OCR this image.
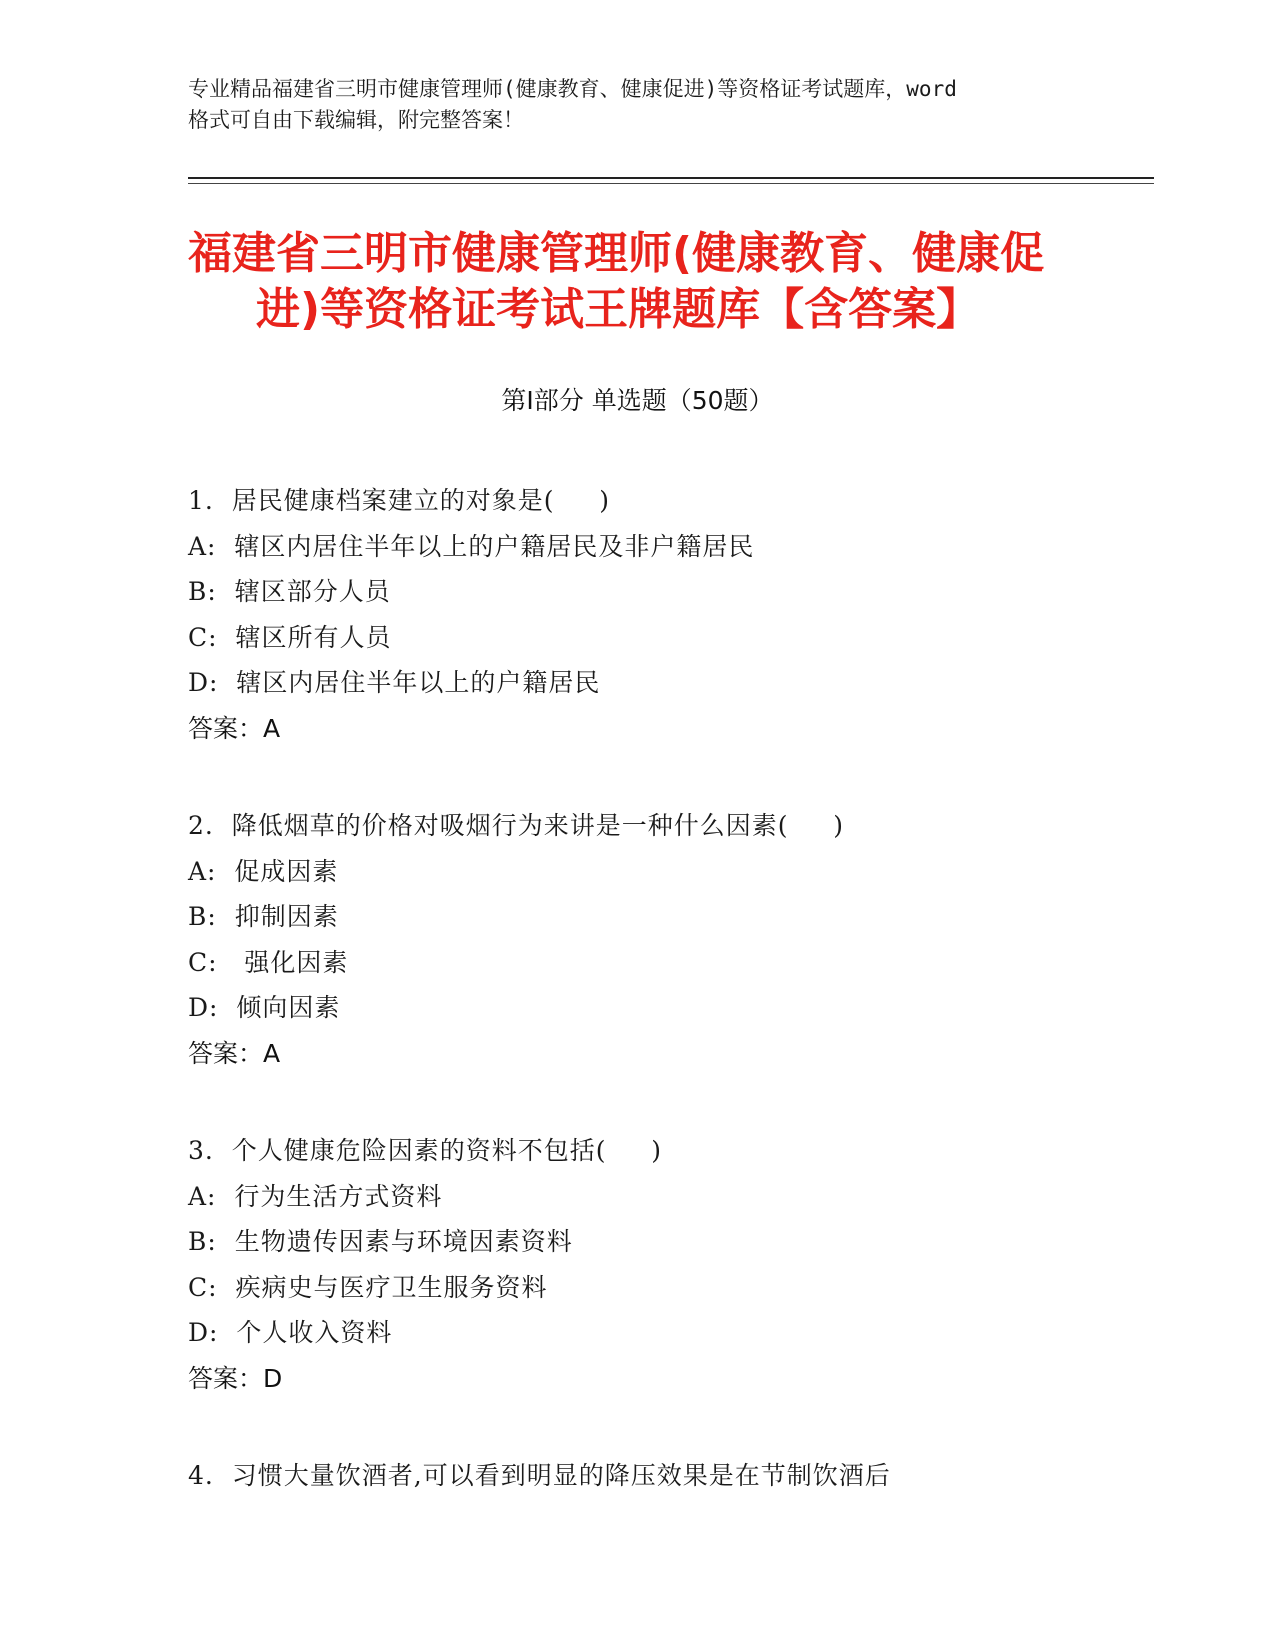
专业精品福建省三明市健康管理师(健康教育、健康促进)等资格证考试题库，word
格式可自由下载编辑，附完整答案！
福建省三明市健康管理师(健康教育、健康促
进)等资格证考试王牌题库【含答案】
第Ⅰ部分 单选题（50题）
1.  居民健康档案建立的对象是(     )
A:  辖区内居住半年以上的户籍居民及非户籍居民
B:  辖区部分人员
C:  辖区所有人员
D:  辖区内居住半年以上的户籍居民
答案：A
2.  降低烟草的价格对吸烟行为来讲是一种什么因素(     )
A:  促成因素
B:  抑制因素
C:   强化因素
D:  倾向因素
答案：A
3.  个人健康危险因素的资料不包括(     )
A:  行为生活方式资料
B:  生物遗传因素与环境因素资料
C:  疾病史与医疗卫生服务资料
D:  个人收入资料
答案：D
4.  习惯大量饮酒者,可以看到明显的降压效果是在节制饮酒后
